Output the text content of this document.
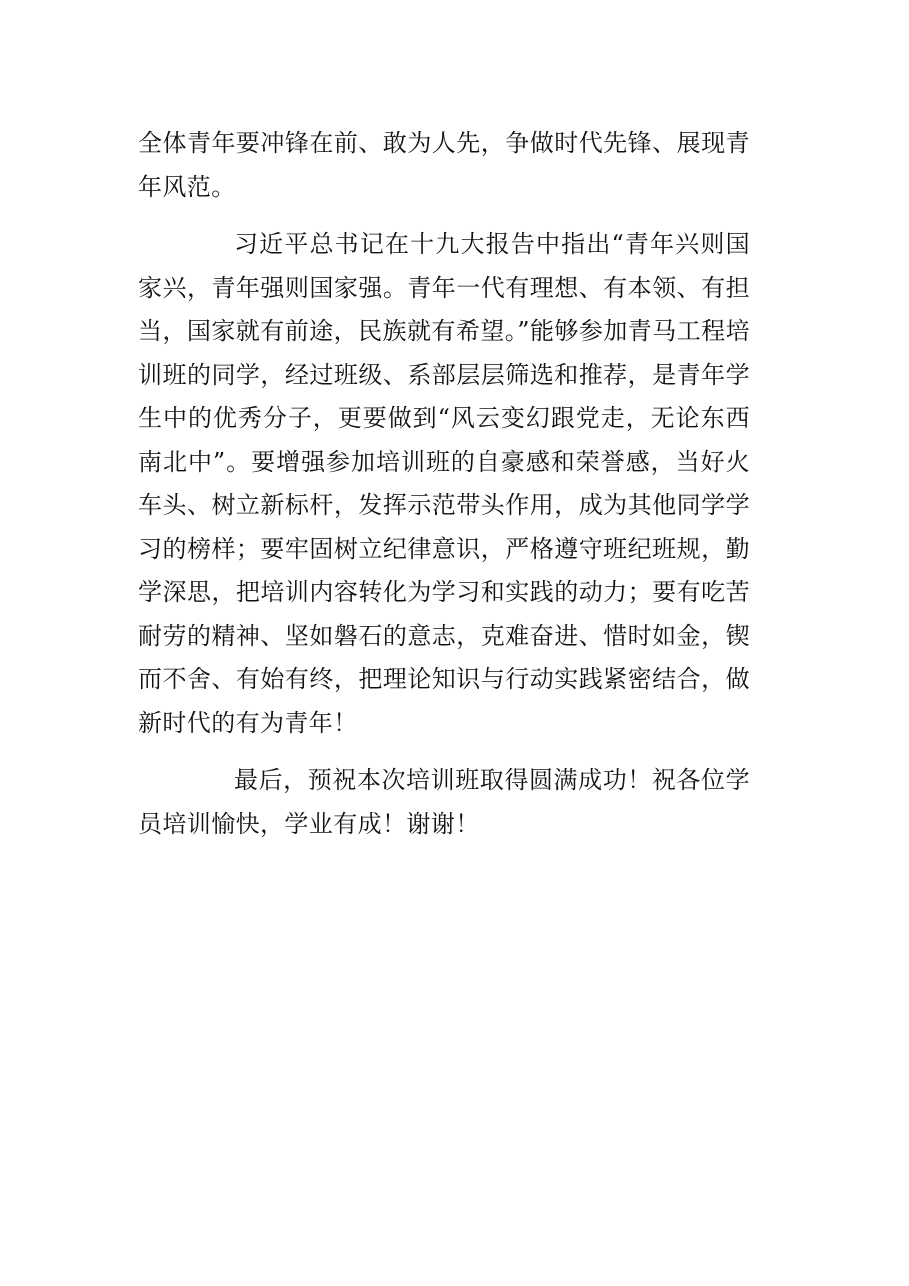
全体青年要冲锋在前、敢为人先，争做时代先锋、展现青年风范。

习近平总书记在十九大报告中指出“青年兴则国家兴，青年强则国家强。青年一代有理想、有本领、有担当，国家就有前途，民族就有希望。”能够参加青马工程培训班的同学，经过班级、系部层层筛选和推荐，是青年学生中的优秀分子，更要做到“风云变幻跟党走，无论东西南北中”。要增强参加培训班的自豪感和荣誉感，当好火车头、树立新标杆，发挥示范带头作用，成为其他同学学习的榜样；要牢固树立纪律意识，严格遵守班纪班规，勤学深思，把培训内容转化为学习和实践的动力；要有吃苦耐劳的精神、坚如磐石的意志，克难奋进、惜时如金，锲而不舍、有始有终，把理论知识与行动实践紧密结合，做新时代的有为青年！

最后，预祝本次培训班取得圆满成功！祝各位学员培训愉快，学业有成！谢谢！
